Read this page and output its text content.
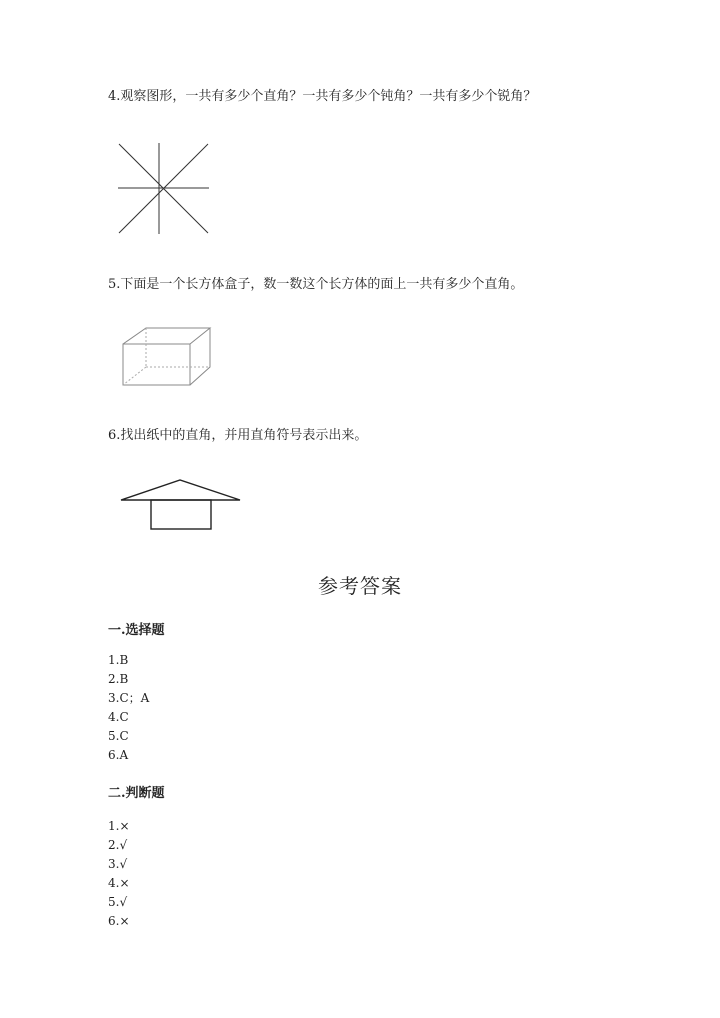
4.观察图形，一共有多少个直角？一共有多少个钝角？一共有多少个锐角？
5.下面是一个长方体盒子，数一数这个长方体的面上一共有多少个直角。
6.找出纸中的直角，并用直角符号表示出来。
参考答案
一.选择题
1.B
2.B
3.C；A
4.C
5.C
6.A
二.判断题
1.×
2.√
3.√
4.×
5.√
6.×
